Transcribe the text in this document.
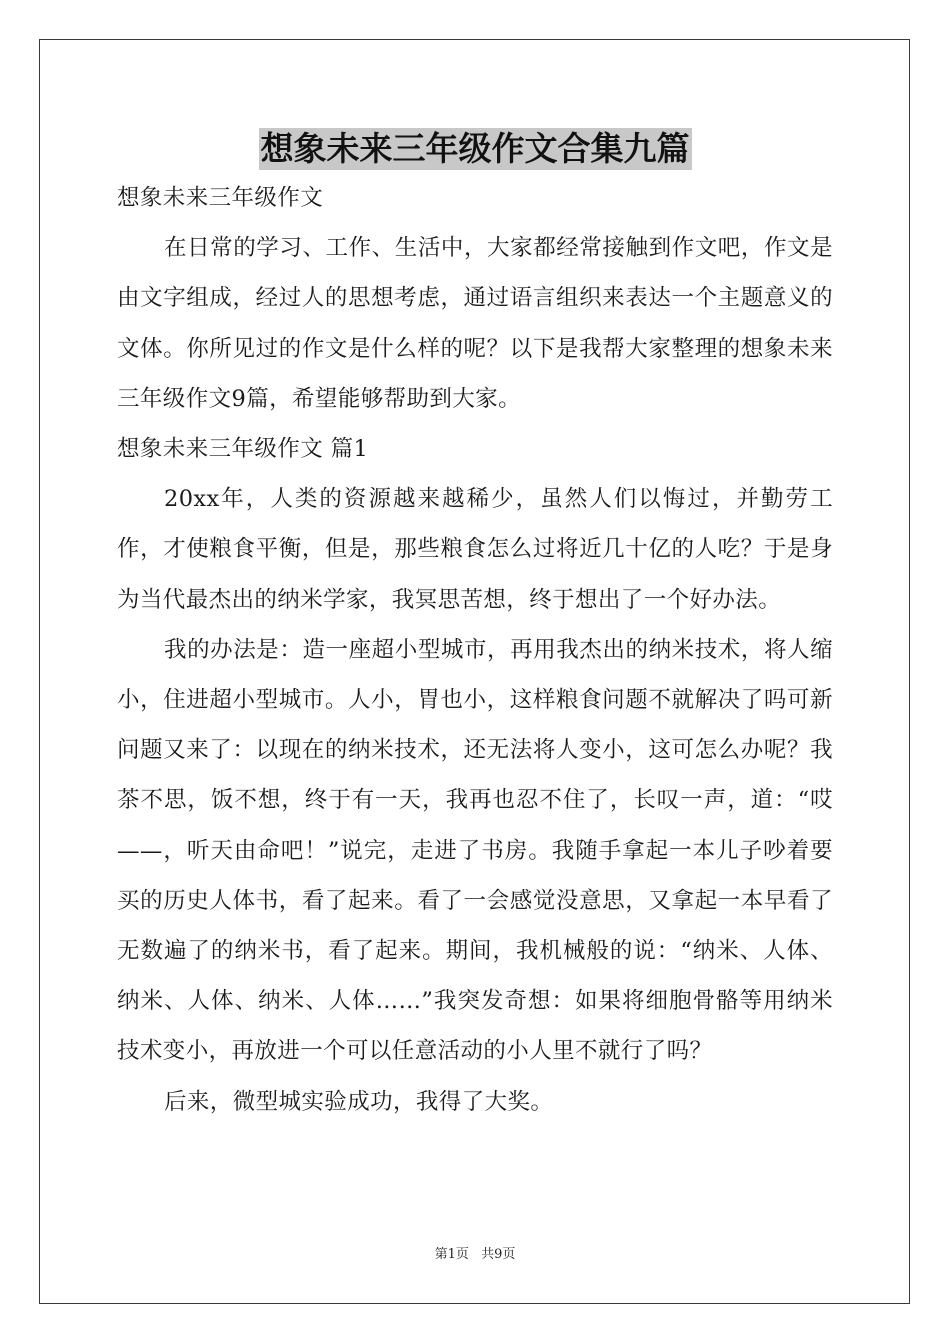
想象未来三年级作文合集九篇

想象未来三年级作文

在日常的学习、工作、生活中，大家都经常接触到作文吧，作文是由文字组成，经过人的思想考虑，通过语言组织来表达一个主题意义的文体。你所见过的作文是什么样的呢？以下是我帮大家整理的想象未来三年级作文9篇，希望能够帮助到大家。

想象未来三年级作文 篇1

20xx年，人类的资源越来越稀少，虽然人们以悔过，并勤劳工作，才使粮食平衡，但是，那些粮食怎么过将近几十亿的人吃？于是身为当代最杰出的纳米学家，我冥思苦想，终于想出了一个好办法。

我的办法是：造一座超小型城市，再用我杰出的纳米技术，将人缩小，住进超小型城市。人小，胃也小，这样粮食问题不就解决了吗可新问题又来了：以现在的纳米技术，还无法将人变小，这可怎么办呢？我茶不思，饭不想，终于有一天，我再也忍不住了，长叹一声，道：“哎——，听天由命吧！”说完，走进了书房。我随手拿起一本儿子吵着要买的历史人体书，看了起来。看了一会感觉没意思，又拿起一本早看了无数遍了的纳米书，看了起来。期间，我机械般的说：“纳米、人体、纳米、人体、纳米、人体……”我突发奇想：如果将细胞骨骼等用纳米技术变小，再放进一个可以任意活动的小人里不就行了吗？

后来，微型城实验成功，我得了大奖。

第1页 共9页
